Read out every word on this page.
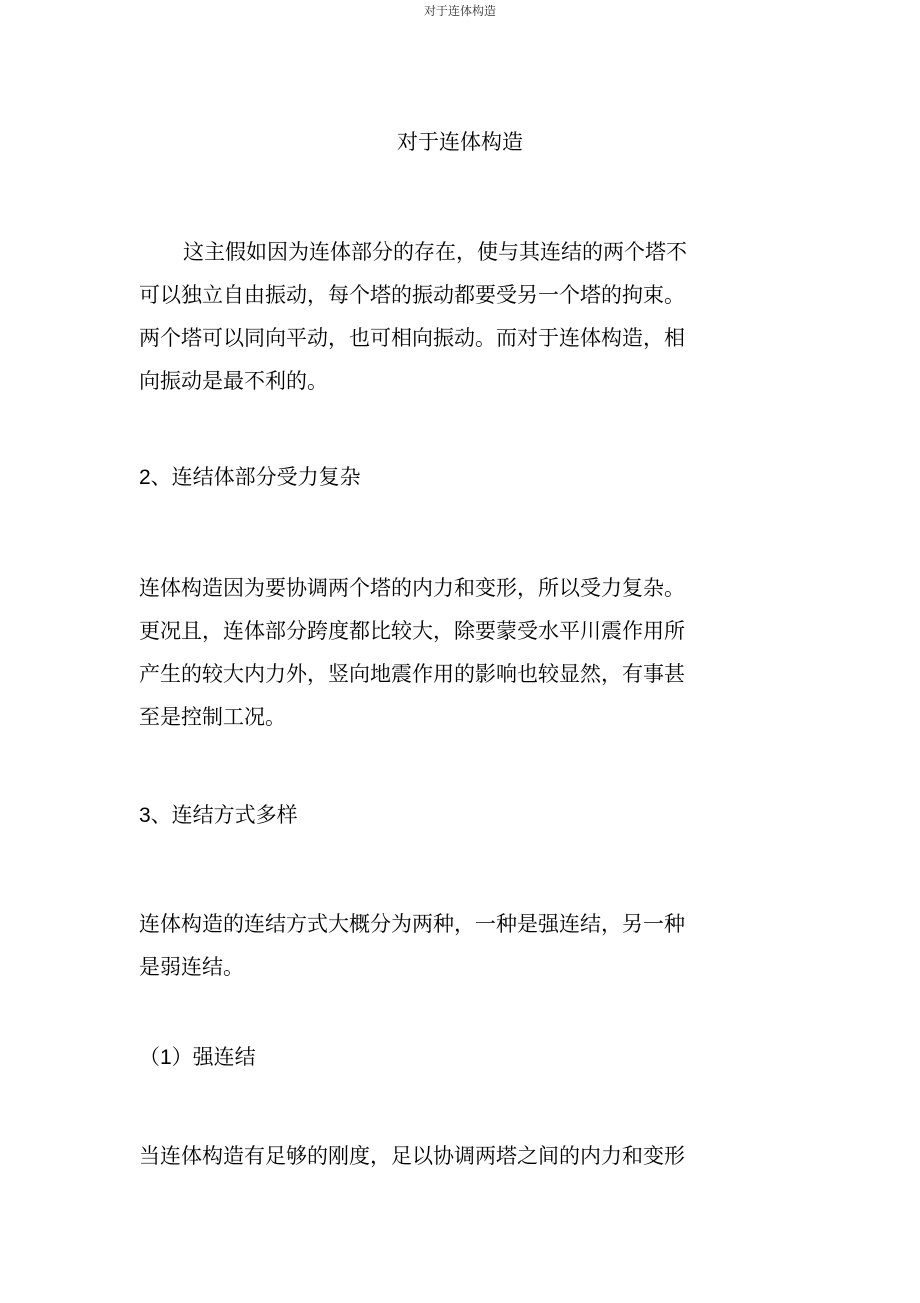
对于连体构造
对于连体构造
这主假如因为连体部分的存在，使与其连结的两个塔不
可以独立自由振动，每个塔的振动都要受另一个塔的拘束。
两个塔可以同向平动，也可相向振动。而对于连体构造，相
向振动是最不利的。
2、连结体部分受力复杂
连体构造因为要协调两个塔的内力和变形，所以受力复杂。
更况且，连体部分跨度都比较大，除要蒙受水平川震作用所
产生的较大内力外，竖向地震作用的影响也较显然，有事甚
至是控制工况。
3、连结方式多样
连体构造的连结方式大概分为两种，一种是强连结，另一种
是弱连结。
（1）强连结
当连体构造有足够的刚度，足以协调两塔之间的内力和变形
